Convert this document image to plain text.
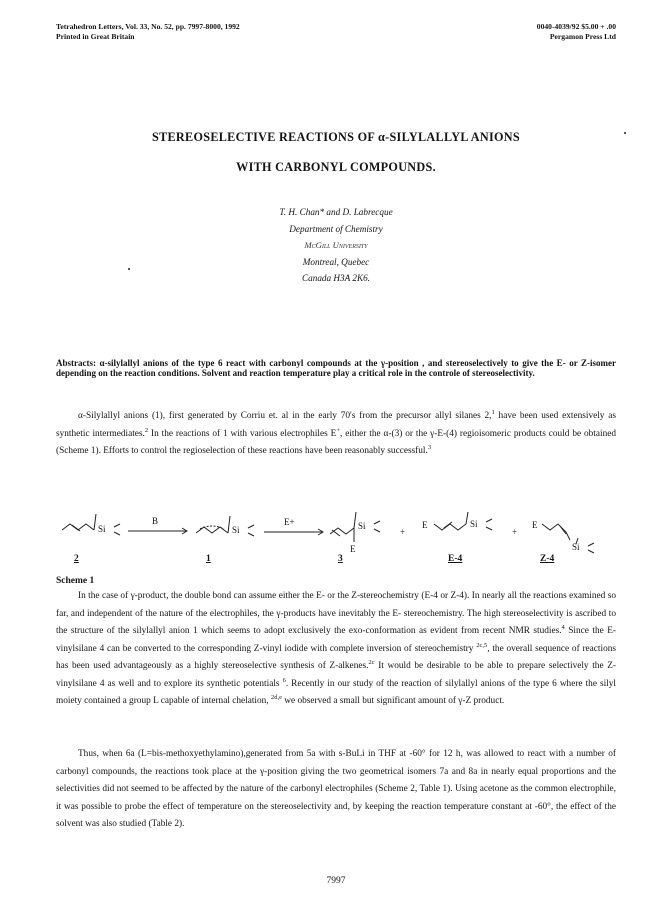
Tetrahedron Letters, Vol. 33, No. 52, pp. 7997-8000, 1992
Printed in Great Britain
0040-4039/92 $5.00 + .00
Pergamon Press Ltd
STEREOSELECTIVE REACTIONS OF α-SILYLALLYL ANIONS
WITH CARBONYL COMPOUNDS.
T. H. Chan* and D. Labrecque
Department of Chemistry
McGill University
Montreal, Quebec
Canada H3A 2K6.
Abstracts: α-silylallyl anions of the type 6 react with carbonyl compounds at the γ-position , and stereoselectively to give the E- or Z-isomer depending on the reaction conditions. Solvent and reaction temperature play a critical role in the controle of stereoselectivity.

α-Silylallyl anions (1), first generated by Corriu et. al in the early 70's from the precursor allyl silanes 2,$^1$ have been used extensively as synthetic intermediates.$^2$ In the reactions of 1 with various electrophiles E+, either the α-(3) or the γ-E-(4) regioisomeric products could be obtained (Scheme 1). Efforts to control the regioselection of these reactions have been reasonably successful.$^3$

Si
B
Si
E+	Si
E
+
E	Si
+
E
Si
2	1	3	E-4	Z-4
Scheme 1

In the case of γ-product, the double bond can assume either the E- or the Z-stereochemistry (E-4 or Z-4). In nearly all the reactions examined so far, and independent of the nature of the electrophiles, the γ-products have inevitably the E- stereochemistry. The high stereoselectivity is ascribed to the structure of the silylallyl anion 1 which seems to adopt exclusively the exo-conformation as evident from recent NMR studies.$^4$ Since the E-vinylsilane 4 can be converted to the corresponding Z-vinyl iodide with complete inversion of stereochemistry $^{2c,5}$, the overall sequence of reactions has been used advantageously as a highly stereoselective synthesis of Z-alkenes.$^{2c}$ It would be desirable to be able to prepare selectively the Z-vinylsilane 4 as well and to explore its synthetic potentials $^6$. Recently in our study of the reaction of silylallyl anions of the type 6 where the silyl moiety contained a group L capable of internal chelation, $^{2d,e}$ we observed a small but significant amount of γ-Z product.

Thus, when 6a (L=bis-methoxyethylamino),generated from 5a with s-BuLi in THF at -60° for 12 h, was allowed to react with a number of carbonyl compounds, the reactions took place at the γ-position giving the two geometrical isomers 7a and 8a in nearly equal proportions and the selectivities did not seemed to be affected by the nature of the carbonyl electrophiles (Scheme 2, Table 1). Using acetone as the common electrophile, it was possible to probe the effect of temperature on the stereoselectivity and, by keeping the reaction temperature constant at -60°, the effect of the solvent was also studied (Table 2).

7997
